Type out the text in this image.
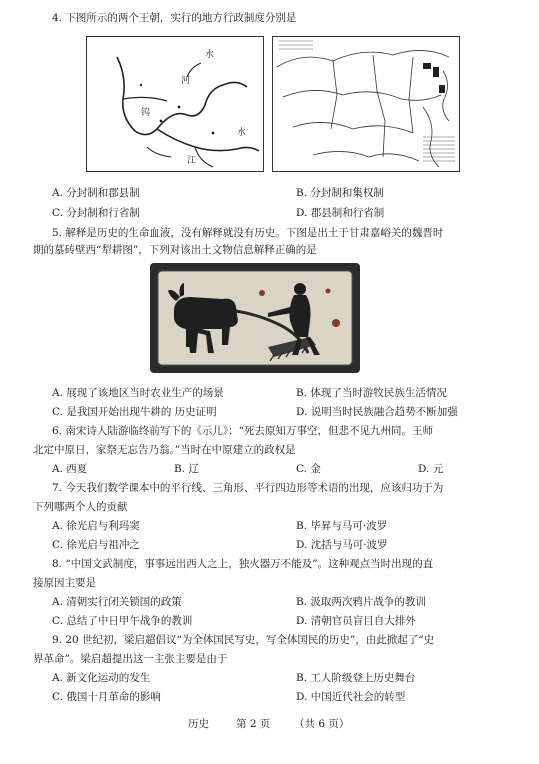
4. 下图所示的两个王朝，实行的地方行政制度分别是
水
河
钨
江
水
A. 分封制和郡县制	B. 分封制和集权制
C. 分封制和行省制	D. 郡县制和行省制
5. 解释是历史的生命血液，没有解释就没有历史。下图是出土于甘肃嘉峪关的魏晋时
期的墓砖壁西“犁耕图”，下列对该出土文物信息解释正确的是
A. 展现了该地区当时农业生产的场景	B. 体现了当时游牧民族生活情况
C. 是我国开始出现牛耕的 历史证明	D. 说明当时民族融合趋势不断加强
6. 南宋诗人陆游临终前写下的《示儿》：“死去原知万事空，但悲不见九州同。王师
北定中原日，家祭无忘告乃翁。”当时在中原建立的政权是
A. 西夏	B. 辽	C. 金	D. 元
7. 今天我们数学课本中的平行线、三角形、平行四边形等术语的出现，应该归功于为
下列哪两个人的贡献
A. 徐光启与利玛窦	B. 毕昇与马可·波罗
C. 徐光启与祖冲之	D. 沈括与马可·波罗
8. “中国文武制度，事事远出西人之上，独火器万不能及”。这种观点当时出现的直
接原因主要是
A. 清朝实行闭关锁国的政策	B. 汲取两次鸦片战争的教训
C. 总结了中日甲午战争的教训	D. 清朝官员盲目自大排外
9. 20 世纪初，梁启超倡议“为全体国民写史，写全体国民的历史”，由此掀起了“史
界革命”。梁启超提出这一主张主要是由于
A. 新文化运动的发生	B. 工人阶级登上历史舞台
C. 俄国十月革命的影响	D. 中国近代社会的转型
历史	第 2 页 （共 6 页）
